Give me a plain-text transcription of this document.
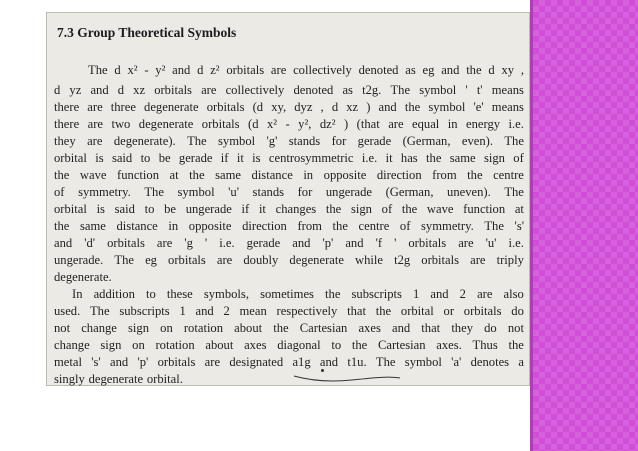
7.3 Group Theoretical Symbols
The d x² - y² and d z² orbitals are collectively denoted as eg and the d xy ,
d yz and d xz orbitals are collectively denoted as t2g. The symbol ' t' means
there are three degenerate orbitals (d xy, dyz , d xz ) and the symbol 'e' means
there are two degenerate orbitals (d x² - y², dz² ) (that are equal in energy i.e.
they are degenerate). The symbol 'g' stands for gerade (German, even). The
orbital is said to be gerade if it is centrosymmetric i.e. it has the same sign of
the wave function at the same distance in opposite direction from the centre
of symmetry. The symbol 'u' stands for ungerade (German, uneven). The
orbital is said to be ungerade if it changes the sign of the wave function at
the same distance in opposite direction from the centre of symmetry. The 's'
and 'd' orbitals are 'g ' i.e. gerade and 'p' and 'f ' orbitals are 'u' i.e.
ungerade. The eg orbitals are doubly degenerate while t2g orbitals are triply
degenerate.
In addition to these symbols, sometimes the subscripts 1 and 2 are also
used. The subscripts 1 and 2 mean respectively that the orbital or orbitals do
not change sign on rotation about the Cartesian axes and that they do not
change sign on rotation about axes diagonal to the Cartesian axes. Thus the
metal 's' and 'p' orbitals are designated a1g and t1u. The symbol 'a' denotes a
singly degenerate orbital.
